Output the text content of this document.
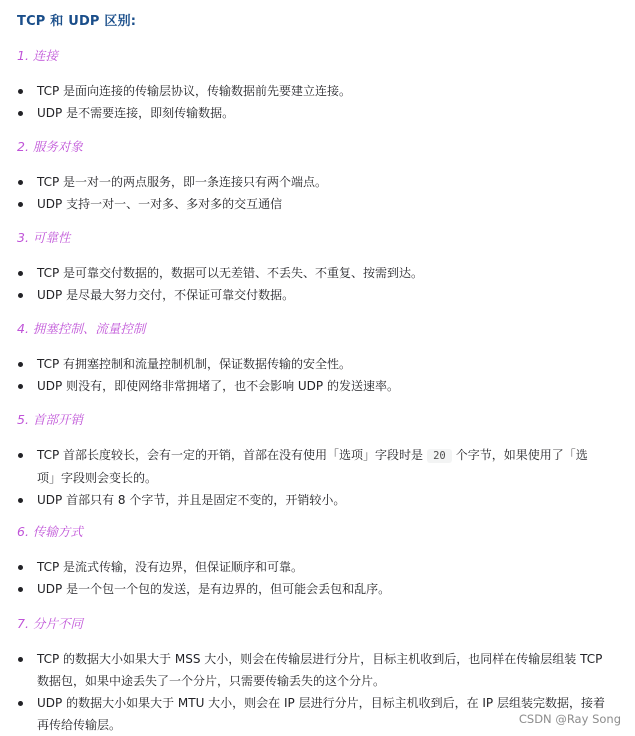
TCP 和 UDP 区别:
1. 连接
TCP 是面向连接的传输层协议，传输数据前先要建立连接。
UDP 是不需要连接，即刻传输数据。
2. 服务对象
TCP 是一对一的两点服务，即一条连接只有两个端点。
UDP 支持一对一、一对多、多对多的交互通信
3. 可靠性
TCP 是可靠交付数据的，数据可以无差错、不丢失、不重复、按需到达。
UDP 是尽最大努力交付，不保证可靠交付数据。
4. 拥塞控制、流量控制
TCP 有拥塞控制和流量控制机制，保证数据传输的安全性。
UDP 则没有，即使网络非常拥堵了，也不会影响 UDP 的发送速率。
5. 首部开销
TCP 首部长度较长，会有一定的开销，首部在没有使用「选项」字段时是 20 个字节，如果使用了「选项」字段则会变长的。
UDP 首部只有 8 个字节，并且是固定不变的，开销较小。
6. 传输方式
TCP 是流式传输，没有边界，但保证顺序和可靠。
UDP 是一个包一个包的发送，是有边界的，但可能会丢包和乱序。
7. 分片不同
TCP 的数据大小如果大于 MSS 大小，则会在传输层进行分片，目标主机收到后，也同样在传输层组装 TCP 数据包，如果中途丢失了一个分片，只需要传输丢失的这个分片。
UDP 的数据大小如果大于 MTU 大小，则会在 IP 层进行分片，目标主机收到后，在 IP 层组装完数据，接着再传给传输层。	CSDN @Ray Song
